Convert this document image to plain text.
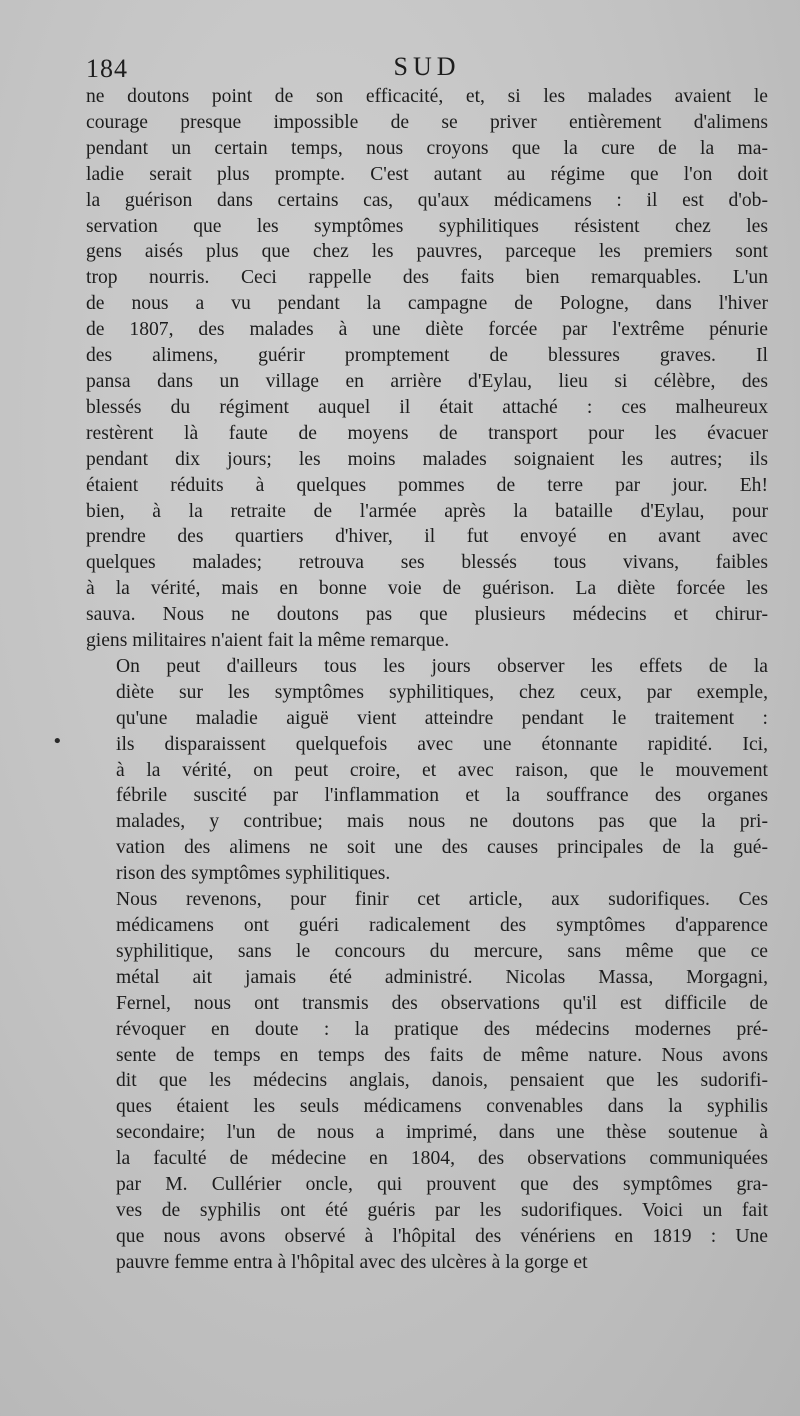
184	SUD
•

ne doutons point de son efficacité, et, si les malades avaient le
courage presque impossible de se priver entièrement d'alimens
pendant un certain temps, nous croyons que la cure de la ma-
ladie serait plus prompte. C'est autant au régime que l'on doit
la guérison dans certains cas, qu'aux médicamens : il est d'ob-
servation que les symptômes syphilitiques résistent chez les
gens aisés plus que chez les pauvres, parceque les premiers sont
trop nourris. Ceci rappelle des faits bien remarquables. L'un
de nous a vu pendant la campagne de Pologne, dans l'hiver
de 1807, des malades à une diète forcée par l'extrême pénurie
des alimens, guérir promptement de blessures graves. Il
pansa dans un village en arrière d'Eylau, lieu si célèbre, des
blessés du régiment auquel il était attaché : ces malheureux
restèrent là faute de moyens de transport pour les évacuer
pendant dix jours; les moins malades soignaient les autres; ils
étaient réduits à quelques pommes de terre par jour. Eh!
bien, à la retraite de l'armée après la bataille d'Eylau, pour
prendre des quartiers d'hiver, il fut envoyé en avant avec
quelques malades; retrouva ses blessés tous vivans, faibles
à la vérité, mais en bonne voie de guérison. La diète forcée les
sauva. Nous ne doutons pas que plusieurs médecins et chirur-
giens militaires n'aient fait la même remarque.

On peut d'ailleurs tous les jours observer les effets de la
diète sur les symptômes syphilitiques, chez ceux, par exemple,
qu'une maladie aiguë vient atteindre pendant le traitement :
ils disparaissent quelquefois avec une étonnante rapidité. Ici,
à la vérité, on peut croire, et avec raison, que le mouvement
fébrile suscité par l'inflammation et la souffrance des organes
malades, y contribue; mais nous ne doutons pas que la pri-
vation des alimens ne soit une des causes principales de la gué-
rison des symptômes syphilitiques.

Nous revenons, pour finir cet article, aux sudorifiques. Ces
médicamens ont guéri radicalement des symptômes d'apparence
syphilitique, sans le concours du mercure, sans même que ce
métal ait jamais été administré. Nicolas Massa, Morgagni,
Fernel, nous ont transmis des observations qu'il est difficile de
révoquer en doute : la pratique des médecins modernes pré-
sente de temps en temps des faits de même nature. Nous avons
dit que les médecins anglais, danois, pensaient que les sudorifi-
ques étaient les seuls médicamens convenables dans la syphilis
secondaire; l'un de nous a imprimé, dans une thèse soutenue à
la faculté de médecine en 1804, des observations communiquées
par M. Cullérier oncle, qui prouvent que des symptômes gra-
ves de syphilis ont été guéris par les sudorifiques. Voici un fait
que nous avons observé à l'hôpital des vénériens en 1819 : Une
pauvre femme entra à l'hôpital avec des ulcères à la gorge et
